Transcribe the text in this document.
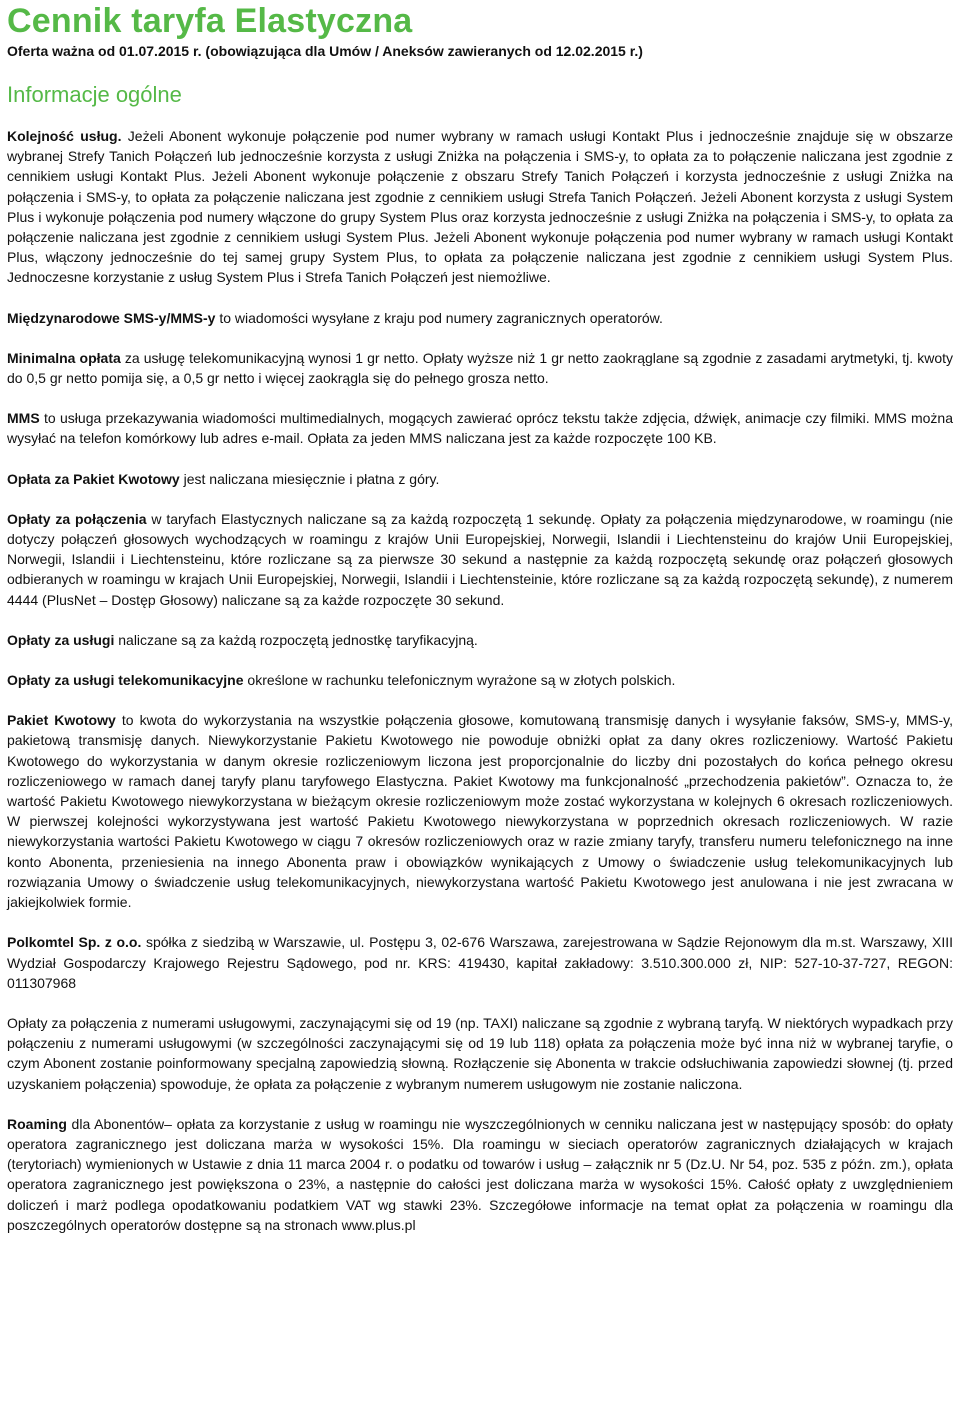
Cennik taryfa Elastyczna

Oferta ważna od 01.07.2015 r. (obowiązująca dla Umów / Aneksów zawieranych od 12.02.2015 r.)

Informacje ogólne

Kolejność usług. Jeżeli Abonent wykonuje połączenie pod numer wybrany w ramach usługi Kontakt Plus i jednocześnie znajduje się w obszarze wybranej Strefy Tanich Połączeń lub jednocześnie korzysta z usługi Zniżka na połączenia i SMS-y, to opłata za to połączenie naliczana jest zgodnie z cennikiem usługi Kontakt Plus. Jeżeli Abonent wykonuje połączenie z obszaru Strefy Tanich Połączeń i korzysta jednocześnie z usługi Zniżka na połączenia i SMS-y, to opłata za połączenie naliczana jest zgodnie z cennikiem usługi Strefa Tanich Połączeń. Jeżeli Abonent korzysta z usługi System Plus i wykonuje połączenia pod numery włączone do grupy System Plus oraz korzysta jednocześnie z usługi Zniżka na połączenia i SMS-y, to opłata za połączenie naliczana jest zgodnie z cennikiem usługi System Plus. Jeżeli Abonent wykonuje połączenia pod numer wybrany w ramach usługi Kontakt Plus, włączony jednocześnie do tej samej grupy System Plus, to opłata za połączenie naliczana jest zgodnie z cennikiem usługi System Plus. Jednoczesne korzystanie z usług System Plus i Strefa Tanich Połączeń jest niemożliwe.

Międzynarodowe SMS-y/MMS-y to wiadomości wysyłane z kraju pod numery zagranicznych operatorów.

Minimalna opłata za usługę telekomunikacyjną wynosi 1 gr netto. Opłaty wyższe niż 1 gr netto zaokrąglane są zgodnie z zasadami arytmetyki, tj. kwoty do 0,5 gr netto pomija się, a 0,5 gr netto i więcej zaokrągla się do pełnego grosza netto.

MMS to usługa przekazywania wiadomości multimedialnych, mogących zawierać oprócz tekstu także zdjęcia, dźwięk, animacje czy filmiki. MMS można wysyłać na telefon komórkowy lub adres e-mail. Opłata za jeden MMS naliczana jest za każde rozpoczęte 100 KB.

Opłata za Pakiet Kwotowy jest naliczana miesięcznie i płatna z góry.

Opłaty za połączenia w taryfach Elastycznych naliczane są za każdą rozpoczętą 1 sekundę. Opłaty za połączenia międzynarodowe, w roamingu (nie dotyczy połączeń głosowych wychodzących w roamingu z krajów Unii Europejskiej, Norwegii, Islandii i Liechtensteinu do krajów Unii Europejskiej, Norwegii, Islandii i Liechtensteinu, które rozliczane są za pierwsze 30 sekund a następnie za każdą rozpoczętą sekundę oraz połączeń głosowych odbieranych w roamingu w krajach Unii Europejskiej, Norwegii, Islandii i Liechtensteinie, które rozliczane są za każdą rozpoczętą sekundę), z numerem 4444 (PlusNet – Dostęp Głosowy) naliczane są za każde rozpoczęte 30 sekund.

Opłaty za usługi naliczane są za każdą rozpoczętą jednostkę taryfikacyjną.

Opłaty za usługi telekomunikacyjne określone w rachunku telefonicznym wyrażone są w złotych polskich.

Pakiet Kwotowy to kwota do wykorzystania na wszystkie połączenia głosowe, komutowaną transmisję danych i wysyłanie faksów, SMS-y, MMS-y, pakietową transmisję danych. Niewykorzystanie Pakietu Kwotowego nie powoduje obniżki opłat za dany okres rozliczeniowy. Wartość Pakietu Kwotowego do wykorzystania w danym okresie rozliczeniowym liczona jest proporcjonalnie do liczby dni pozostałych do końca pełnego okresu rozliczeniowego w ramach danej taryfy planu taryfowego Elastyczna. Pakiet Kwotowy ma funkcjonalność „przechodzenia pakietów”. Oznacza to, że wartość Pakietu Kwotowego niewykorzystana w bieżącym okresie rozliczeniowym może zostać wykorzystana w kolejnych 6 okresach rozliczeniowych. W pierwszej kolejności wykorzystywana jest wartość Pakietu Kwotowego niewykorzystana w poprzednich okresach rozliczeniowych. W razie niewykorzystania wartości Pakietu Kwotowego w ciągu 7 okresów rozliczeniowych oraz w razie zmiany taryfy, transferu numeru telefonicznego na inne konto Abonenta, przeniesienia na innego Abonenta praw i obowiązków wynikających z Umowy o świadczenie usług telekomunikacyjnych lub rozwiązania Umowy o świadczenie usług telekomunikacyjnych, niewykorzystana wartość Pakietu Kwotowego jest anulowana i nie jest zwracana w jakiejkolwiek formie.

Polkomtel Sp. z o.o. spółka z siedzibą w Warszawie, ul. Postępu 3, 02-676 Warszawa, zarejestrowana w Sądzie Rejonowym dla m.st. Warszawy, XIII Wydział Gospodarczy Krajowego Rejestru Sądowego, pod nr. KRS: 419430, kapitał zakładowy: 3.510.300.000 zł, NIP: 527-10-37-727, REGON: 011307968

Opłaty za połączenia z numerami usługowymi, zaczynającymi się od 19 (np. TAXI) naliczane są zgodnie z wybraną taryfą. W niektórych wypadkach przy połączeniu z numerami usługowymi (w szczególności zaczynającymi się od 19 lub 118) opłata za połączenia może być inna niż w wybranej taryfie, o czym Abonent zostanie poinformowany specjalną zapowiedzią słowną. Rozłączenie się Abonenta w trakcie odsłuchiwania zapowiedzi słownej (tj. przed uzyskaniem połączenia) spowoduje, że opłata za połączenie z wybranym numerem usługowym nie zostanie naliczona.

Roaming dla Abonentów– opłata za korzystanie z usług w roamingu nie wyszczególnionych w cenniku naliczana jest w następujący sposób: do opłaty operatora zagranicznego jest doliczana marża w wysokości 15%. Dla roamingu w sieciach operatorów zagranicznych działających w krajach (terytoriach) wymienionych w Ustawie z dnia 11 marca 2004 r. o podatku od towarów i usług – załącznik nr 5 (Dz.U. Nr 54, poz. 535 z późn. zm.), opłata operatora zagranicznego jest powiększona o 23%, a następnie do całości jest doliczana marża w wysokości 15%. Całość opłaty z uwzględnieniem doliczeń i marż podlega opodatkowaniu podatkiem VAT wg stawki 23%. Szczegółowe informacje na temat opłat za połączenia w roamingu dla poszczególnych operatorów dostępne są na stronach www.plus.pl
